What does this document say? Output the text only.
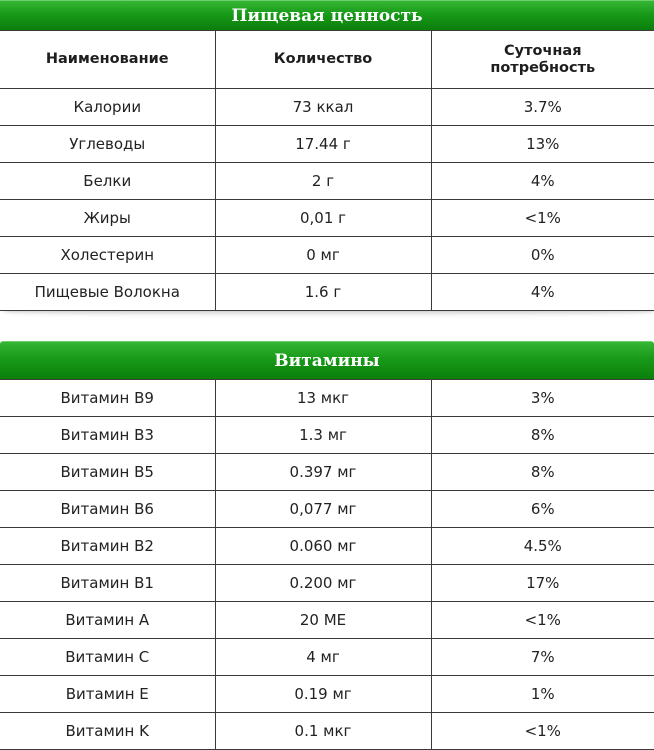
Пищевая ценность
Наименование	Количество	Суточная
потребность
Калории	73 ккал	3.7%
Углеводы	17.44 г	13%
Белки	2 г	4%
Жиры	0,01 г	<1%
Холестерин	0 мг	0%
Пищевые Волокна	1.6 г	4%
Витамины
Витамин B9	13 мкг	3%
Витамин B3	1.3 мг	8%
Витамин B5	0.397 мг	8%
Витамин B6	0,077 мг	6%
Витамин B2	0.060 мг	4.5%
Витамин B1	0.200 мг	17%
Витамин A	20 МЕ	<1%
Витамин C	4 мг	7%
Витамин E	0.19 мг	1%
Витамин K	0.1 мкг	<1%
